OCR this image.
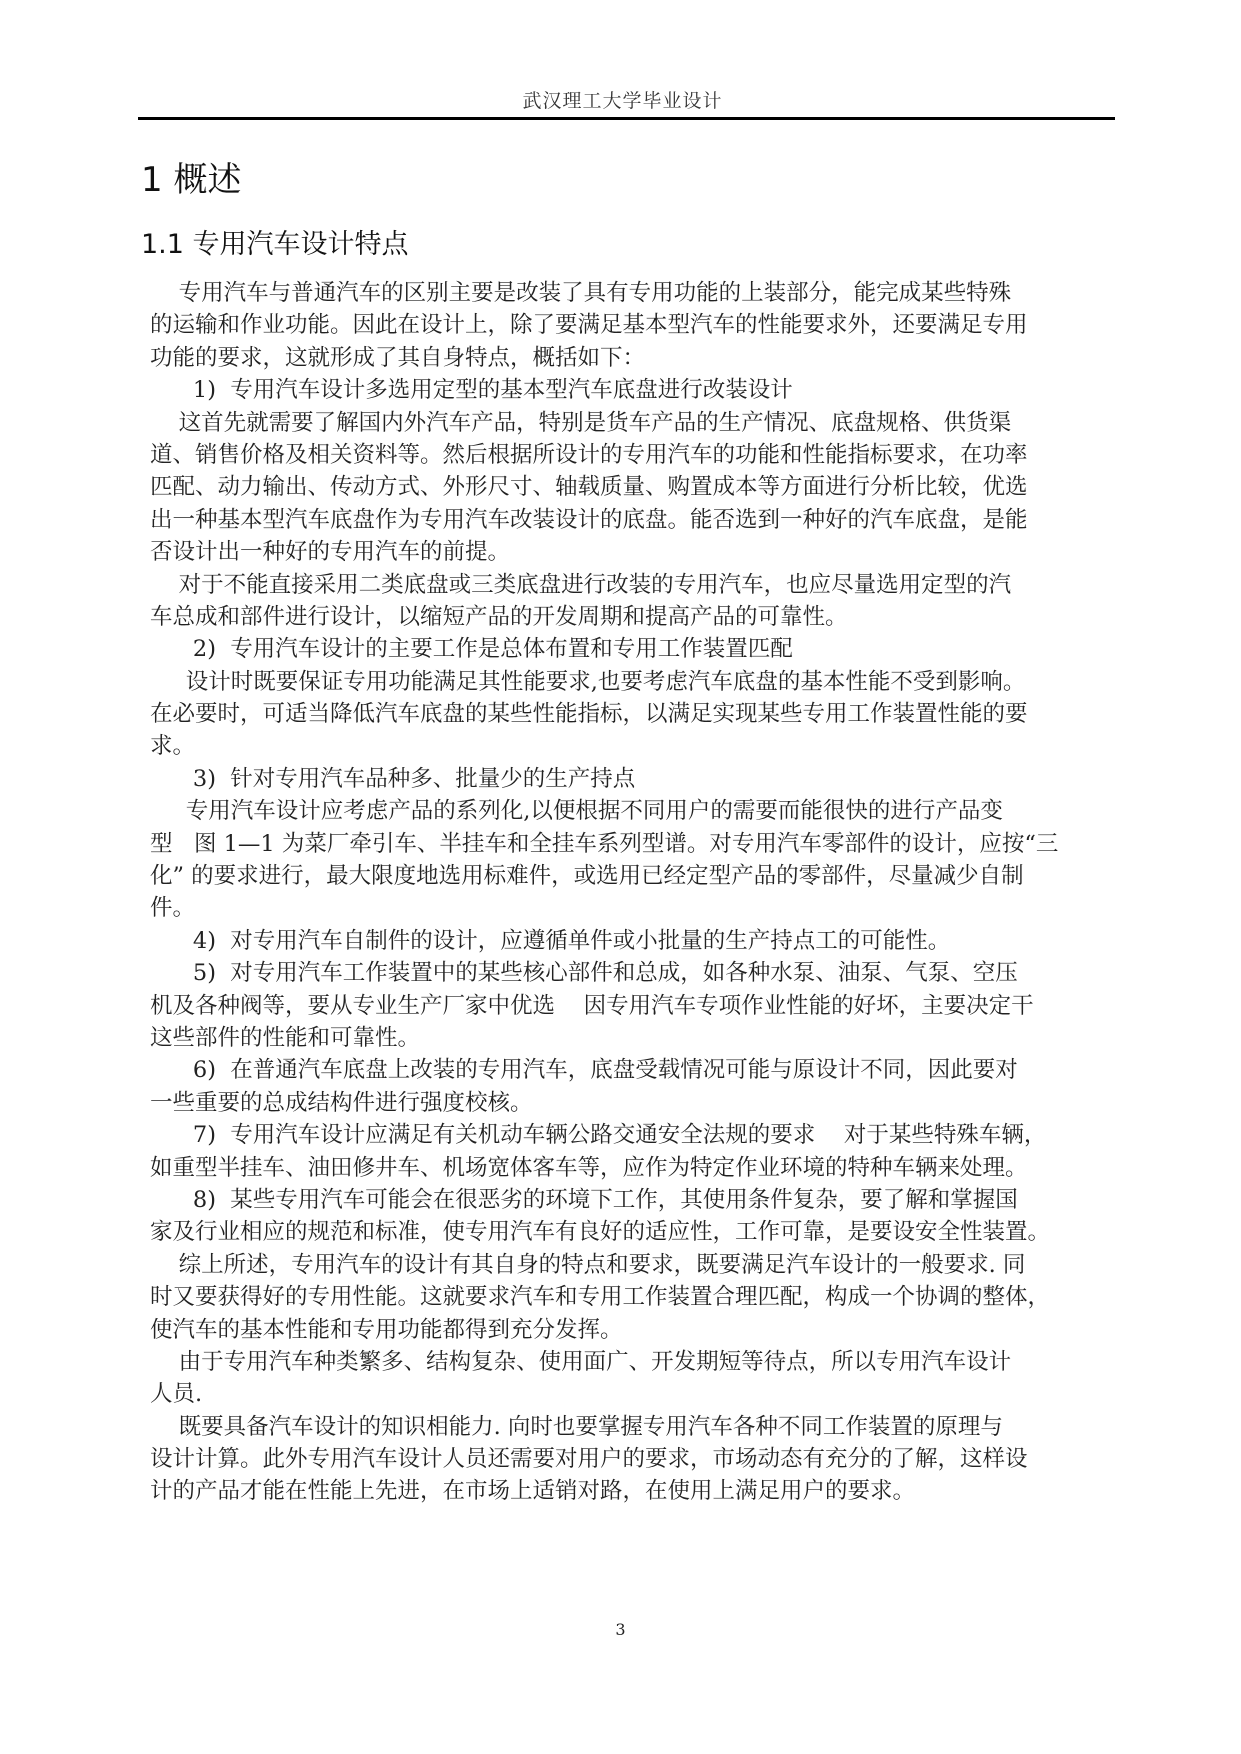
武汉理工大学毕业设计
1 概述
1.1 专用汽车设计特点
专用汽车与普通汽车的区别主要是改装了具有专用功能的上装部分，能完成某些特殊
的运输和作业功能。因此在设计上，除了要满足基本型汽车的性能要求外，还要满足专用
功能的要求，这就形成了其自身特点，概括如下：
1)  专用汽车设计多选用定型的基本型汽车底盘进行改装设计
这首先就需要了解国内外汽车产品，特别是货车产品的生产情况、底盘规格、供货渠
道、销售价格及相关资料等。然后根据所设计的专用汽车的功能和性能指标要求，在功率
匹配、动力输出、传动方式、外形尺寸、轴载质量、购置成本等方面进行分析比较，优选
出一种基本型汽车底盘作为专用汽车改装设计的底盘。能否选到一种好的汽车底盘，是能
否设计出一种好的专用汽车的前提。
对于不能直接采用二类底盘或三类底盘进行改装的专用汽车，也应尽量选用定型的汽
车总成和部件进行设计，以缩短产品的开发周期和提高产品的可靠性。
2)  专用汽车设计的主要工作是总体布置和专用工作装置匹配
设计时既要保证专用功能满足其性能要求,也要考虑汽车底盘的基本性能不受到影响。
在必要时，可适当降低汽车底盘的某些性能指标，以满足实现某些专用工作装置性能的要
求。
3)  针对专用汽车品种多、批量少的生产持点
专用汽车设计应考虑产品的系列化,以便根据不同用户的需要而能很快的进行产品变
型   图 1—1 为菜厂牵引车、半挂车和全挂车系列型谱。对专用汽车零部件的设计，应按“三
化” 的要求进行，最大限度地选用标难件，或选用已经定型产品的零部件，尽量减少自制
件。
4)  对专用汽车自制件的设计，应遵循单件或小批量的生产持点工的可能性。
5)  对专用汽车工作装置中的某些核心部件和总成，如各种水泵、油泵、气泵、空压
机及各种阀等，要从专业生产厂家中优选    因专用汽车专项作业性能的好坏，主要决定干
这些部件的性能和可靠性。
6)  在普通汽车底盘上改装的专用汽车，底盘受载情况可能与原设计不同，因此要对
一些重要的总成结构件进行强度校核。
7)  专用汽车设计应满足有关机动车辆公路交通安全法规的要求    对于某些特殊车辆，
如重型半挂车、油田修井车、机场宽体客车等，应作为特定作业环境的特种车辆来处理。
8)  某些专用汽车可能会在很恶劣的环境下工作，其使用条件复杂，要了解和掌握国
家及行业相应的规范和标准，使专用汽车有良好的适应性，工作可靠，是要设安全性装置。
综上所述，专用汽车的设计有其自身的特点和要求，既要满足汽车设计的一般要求. 同
时又要获得好的专用性能。这就要求汽车和专用工作装置合理匹配，构成一个协调的整体，
使汽车的基本性能和专用功能都得到充分发挥。
由于专用汽车种类繁多、结构复杂、使用面广、开发期短等待点，所以专用汽车设计
人员.
既要具备汽车设计的知识相能力. 向时也要掌握专用汽车各种不同工作装置的原理与
设计计算。此外专用汽车设计人员还需要对用户的要求，市场动态有充分的了解，这样设
计的产品才能在性能上先进，在市场上适销对路，在使用上满足用户的要求。
3
